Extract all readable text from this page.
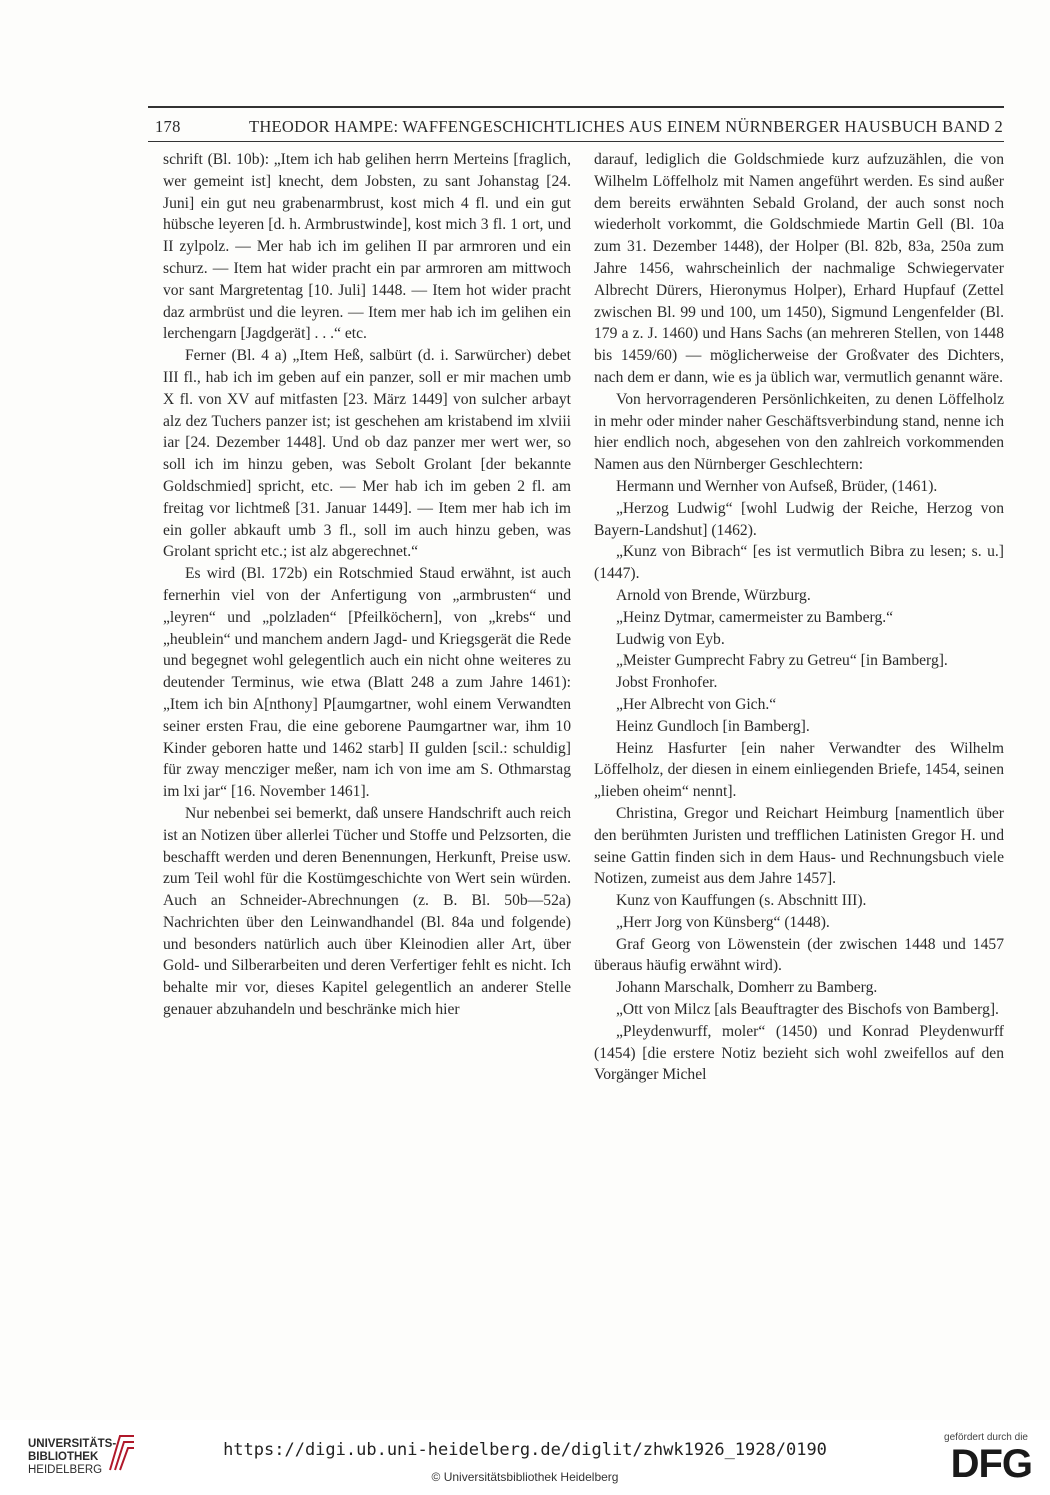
178	THEODOR HAMPE: WAFFENGESCHICHTLICHES AUS EINEM NÜRNBERGER HAUSBUCH BAND 2

schrift (Bl. 10b): „Item ich hab gelihen herrn Merteins [fraglich, wer gemeint ist] knecht, dem Jobsten, zu sant Johanstag [24. Juni] ein gut neu grabenarmbrust, kost mich 4 fl. und ein gut hübsche leyeren [d. h. Armbrustwinde], kost mich 3 fl. 1 ort, und II zylpolz. — Mer hab ich im gelihen II par armroren und ein schurz. — Item hat wider pracht ein par armroren am mittwoch vor sant Margretentag [10. Juli] 1448. — Item hot wider pracht daz armbrüst und die leyren. — Item mer hab ich im gelihen ein lerchengarn [Jagdgerät] . . .“ etc.

Ferner (Bl. 4 a) „Item Heß, salbürt (d. i. Sarwürcher) debet III fl., hab ich im geben auf ein panzer, soll er mir machen umb X fl. von XV auf mitfasten [23. März 1449] von sulcher arbayt alz dez Tuchers panzer ist; ist geschehen am kristabend im xlviii iar [24. Dezember 1448]. Und ob daz panzer mer wert wer, so soll ich im hinzu geben, was Sebolt Grolant [der bekannte Goldschmied] spricht, etc. — Mer hab ich im geben 2 fl. am freitag vor lichtmeß [31. Januar 1449]. — Item mer hab ich im ein goller abkauft umb 3 fl., soll im auch hinzu geben, was Grolant spricht etc.; ist alz abgerechnet.“

Es wird (Bl. 172b) ein Rotschmied Staud erwähnt, ist auch fernerhin viel von der Anfertigung von „armbrusten“ und „leyren“ und „polzladen“ [Pfeilköchern], von „krebs“ und „heublein“ und manchem andern Jagd- und Kriegsgerät die Rede und begegnet wohl gelegentlich auch ein nicht ohne weiteres zu deutender Terminus, wie etwa (Blatt 248 a zum Jahre 1461): „Item ich bin A[nthony] P[aumgartner, wohl einem Verwandten seiner ersten Frau, die eine geborene Paumgartner war, ihm 10 Kinder geboren hatte und 1462 starb] II gulden [scil.: schuldig] für zway mencziger meßer, nam ich von ime am S. Othmarstag im lxi jar“ [16. November 1461].

Nur nebenbei sei bemerkt, daß unsere Handschrift auch reich ist an Notizen über allerlei Tücher und Stoffe und Pelzsorten, die beschafft werden und deren Benennungen, Herkunft, Preise usw. zum Teil wohl für die Kostümgeschichte von Wert sein würden. Auch an Schneider-Abrechnungen (z. B. Bl. 50b—52a) Nachrichten über den Leinwandhandel (Bl. 84a und folgende) und besonders natürlich auch über Kleinodien aller Art, über Gold- und Silberarbeiten und deren Verfertiger fehlt es nicht. Ich behalte mir vor, dieses Kapitel gelegentlich an anderer Stelle genauer abzuhandeln und beschränke mich hier

darauf, lediglich die Goldschmiede kurz aufzuzählen, die von Wilhelm Löffelholz mit Namen angeführt werden. Es sind außer dem bereits erwähnten Sebald Groland, der auch sonst noch wiederholt vorkommt, die Goldschmiede Martin Gell (Bl. 10a zum 31. Dezember 1448), der Holper (Bl. 82b, 83a, 250a zum Jahre 1456, wahrscheinlich der nachmalige Schwiegervater Albrecht Dürers, Hieronymus Holper), Erhard Hupfauf (Zettel zwischen Bl. 99 und 100, um 1450), Sigmund Lengenfelder (Bl. 179 a z. J. 1460) und Hans Sachs (an mehreren Stellen, von 1448 bis 1459/60) — möglicherweise der Großvater des Dichters, nach dem er dann, wie es ja üblich war, vermutlich genannt wäre.

Von hervorragenderen Persönlichkeiten, zu denen Löffelholz in mehr oder minder naher Geschäftsverbindung stand, nenne ich hier endlich noch, abgesehen von den zahlreich vorkommenden Namen aus den Nürnberger Geschlechtern:

Hermann und Wernher von Aufseß, Brüder, (1461).

„Herzog Ludwig“ [wohl Ludwig der Reiche, Herzog von Bayern-Landshut] (1462).

„Kunz von Bibrach“ [es ist vermutlich Bibra zu lesen; s. u.] (1447).

Arnold von Brende, Würzburg.

„Heinz Dytmar, camermeister zu Bamberg.“

Ludwig von Eyb.

„Meister Gumprecht Fabry zu Getreu“ [in Bamberg].

Jobst Fronhofer.

„Her Albrecht von Gich.“

Heinz Gundloch [in Bamberg].

Heinz Hasfurter [ein naher Verwandter des Wilhelm Löffelholz, der diesen in einem einliegenden Briefe, 1454, seinen „lieben oheim“ nennt].

Christina, Gregor und Reichart Heimburg [namentlich über den berühmten Juristen und trefflichen Latinisten Gregor H. und seine Gattin finden sich in dem Haus- und Rechnungsbuch viele Notizen, zumeist aus dem Jahre 1457].

Kunz von Kauffungen (s. Abschnitt III).

„Herr Jorg von Künsberg“ (1448).

Graf Georg von Löwenstein (der zwischen 1448 und 1457 überaus häufig erwähnt wird).

Johann Marschalk, Domherr zu Bamberg.

„Ott von Milcz [als Beauftragter des Bischofs von Bamberg].

„Pleydenwurff, moler“ (1450) und Konrad Pleydenwurff (1454) [die erstere Notiz bezieht sich wohl zweifellos auf den Vorgänger Michel

UNIVERSITÄTS-
BIBLIOTHEK
HEIDELBERG
https://digi.ub.uni-heidelberg.de/diglit/zhwk1926_1928/0190
© Universitätsbibliothek Heidelberg
gefördert durch die
DFG
